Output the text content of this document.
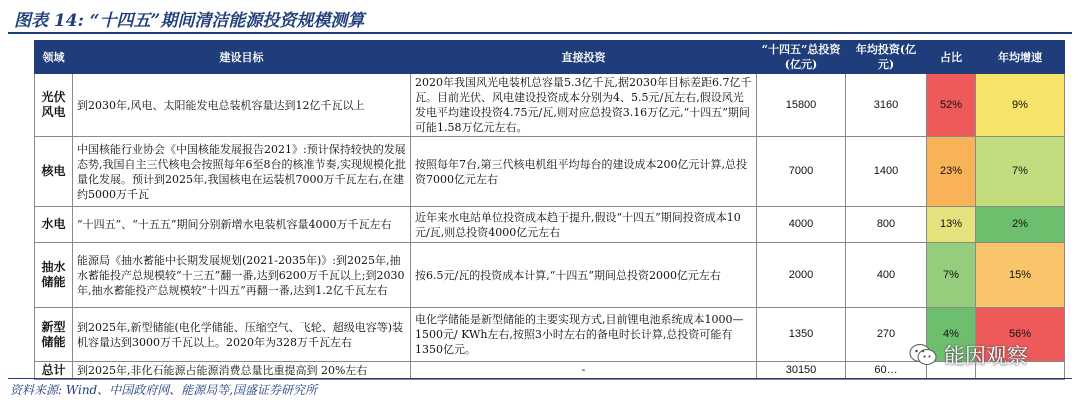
图表 14: “十四五”期间清洁能源投资规模测算
领域	建设目标	直接投资	“十四五”总投资(亿元)	年均投资(亿元)	占比	年均增速
光伏风电	到2030年,风电、太阳能发电总装机容量达到12亿千瓦以上	2020年我国风光电装机总容量5.3亿千瓦,据2030年目标差距6.7亿千瓦。目前光伏、风电建设投资成本分别为4、5.5元/瓦左右,假设风光发电平均建设投资4.75元/瓦,则对应总投资3.16万亿元,“十四五”期间可能1.58万亿元左右。	15800	3160	52%	9%
核电	中国核能行业协会《中国核能发展报告2021》:预计保持较快的发展态势,我国自主三代核电会按照每年6至8台的核准节奏,实现规模化批量化发展。预计到2025年,我国核电在运装机7000万千瓦左右,在建约5000万千瓦	按照每年7台,第三代核电机组平均每台的建设成本200亿元计算,总投资7000亿元左右	7000	1400	23%	7%
水电	“十四五”、“十五五”期间分别新增水电装机容量4000万千瓦左右	近年来水电站单位投资成本趋于提升,假设“十四五”期间投资成本10元/瓦,则总投资4000亿元左右	4000	800	13%	2%
抽水储能	能源局《抽水蓄能中长期发展规划(2021-2035年)》:到2025年,抽水蓄能投产总规模较“十三五”翻一番,达到6200万千瓦以上;到2030年,抽水蓄能投产总规模较“十四五”再翻一番,达到1.2亿千瓦左右	按6.5元/瓦的投资成本计算,“十四五”期间总投资2000亿元左右	2000	400	7%	15%
新型储能	到2025年,新型储能(电化学储能、压缩空气、飞轮、超级电容等)装机容量达到3000万千瓦以上。2020年为328万千瓦左右	电化学储能是新型储能的主要实现方式,目前锂电池系统成本1000—1500元/ KWh左右,按照3小时左右的备电时长计算,总投资可能有1350亿元。	1350	270	4%	56%
总计	到2025年,非化石能源占能源消费总量比重提高到 20%左右	-	30150	60…		
能因观察
资料来源: Wind、中国政府网、能源局等,国盛证券研究所
